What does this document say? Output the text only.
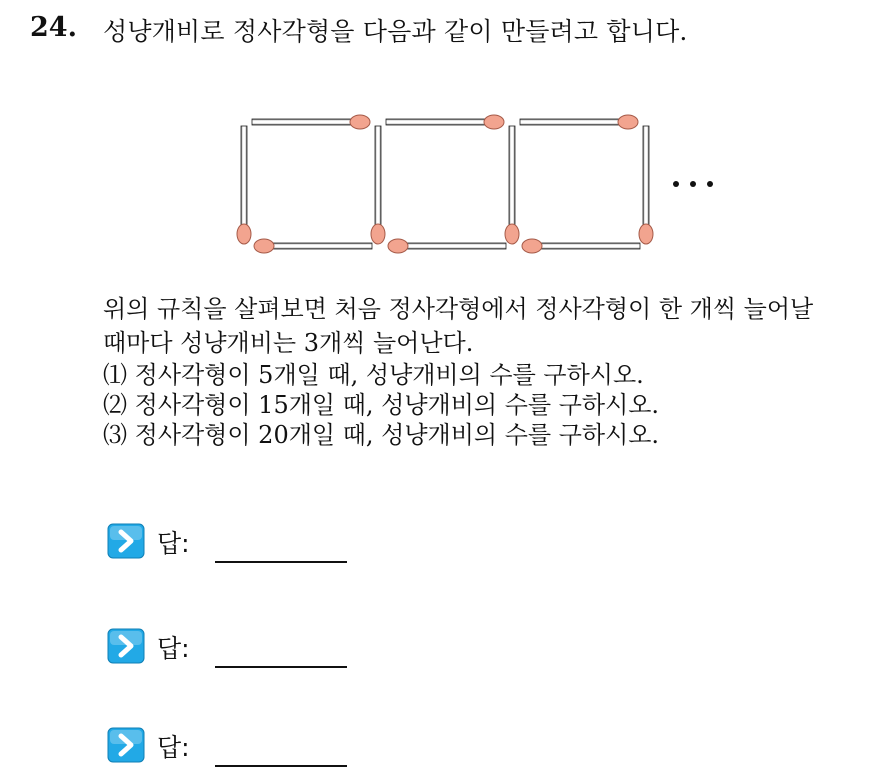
24. 성냥개비로 정사각형을 다음과 같이 만들려고 합니다.
위의 규칙을 살펴보면 처음 정사각형에서 정사각형이 한 개씩 늘어날
때마다 성냥개비는 3개씩 늘어난다.
⑴ 정사각형이 5개일 때, 성냥개비의 수를 구하시오.
⑵ 정사각형이 15개일 때, 성냥개비의 수를 구하시오.
⑶ 정사각형이 20개일 때, 성냥개비의 수를 구하시오.
답:
답:
답:
